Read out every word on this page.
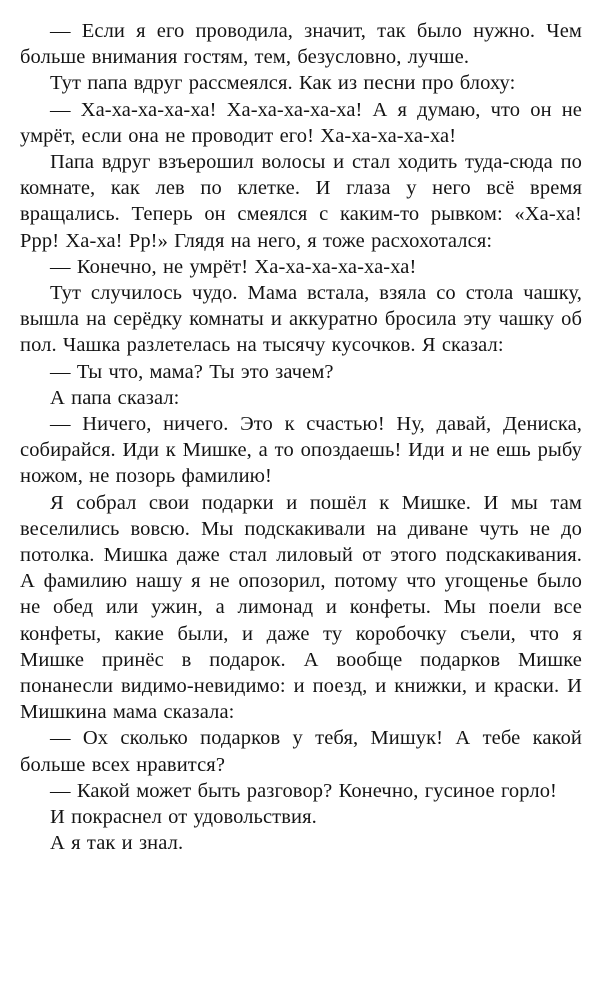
— Если я его проводила, значит, так было нужно. Чем больше внимания гостям, тем, безусловно, лучше.

Тут папа вдруг рассмеялся. Как из песни про блоху:

— Ха-ха-ха-ха-ха! Ха-ха-ха-ха-ха! А я думаю, что он не умрёт, если она не проводит его! Ха-ха-ха-ха-ха!

Папа вдруг взъерошил волосы и стал ходить туда-сюда по комнате, как лев по клетке. И глаза у него всё время вращались. Теперь он смеялся с каким-то рывком: «Ха-ха! Ррр! Ха-ха! Рр!» Глядя на него, я тоже расхохотался:

— Конечно, не умрёт! Ха-ха-ха-ха-ха-ха!

Тут случилось чудо. Мама встала, взяла со стола чашку, вышла на серёдку комнаты и аккуратно бросила эту чашку об пол. Чашка разлетелась на тысячу кусочков. Я сказал:

— Ты что, мама? Ты это зачем?

А папа сказал:

— Ничего, ничего. Это к счастью! Ну, давай, Дениска, собирайся. Иди к Мишке, а то опоздаешь! Иди и не ешь рыбу ножом, не позорь фамилию!

Я собрал свои подарки и пошёл к Мишке. И мы там веселились вовсю. Мы подскакивали на диване чуть не до потолка. Мишка даже стал лиловый от этого подскакивания. А фамилию нашу я не опозорил, потому что угощенье было не обед или ужин, а лимонад и конфеты. Мы поели все конфеты, какие были, и даже ту коробочку съели, что я Мишке принёс в подарок. А вообще подарков Мишке понанесли видимо-невидимо: и поезд, и книжки, и краски. И Мишкина мама сказала:

— Ох сколько подарков у тебя, Мишук! А тебе какой больше всех нравится?

— Какой может быть разговор? Конечно, гусиное горло!

И покраснел от удовольствия.

А я так и знал.
